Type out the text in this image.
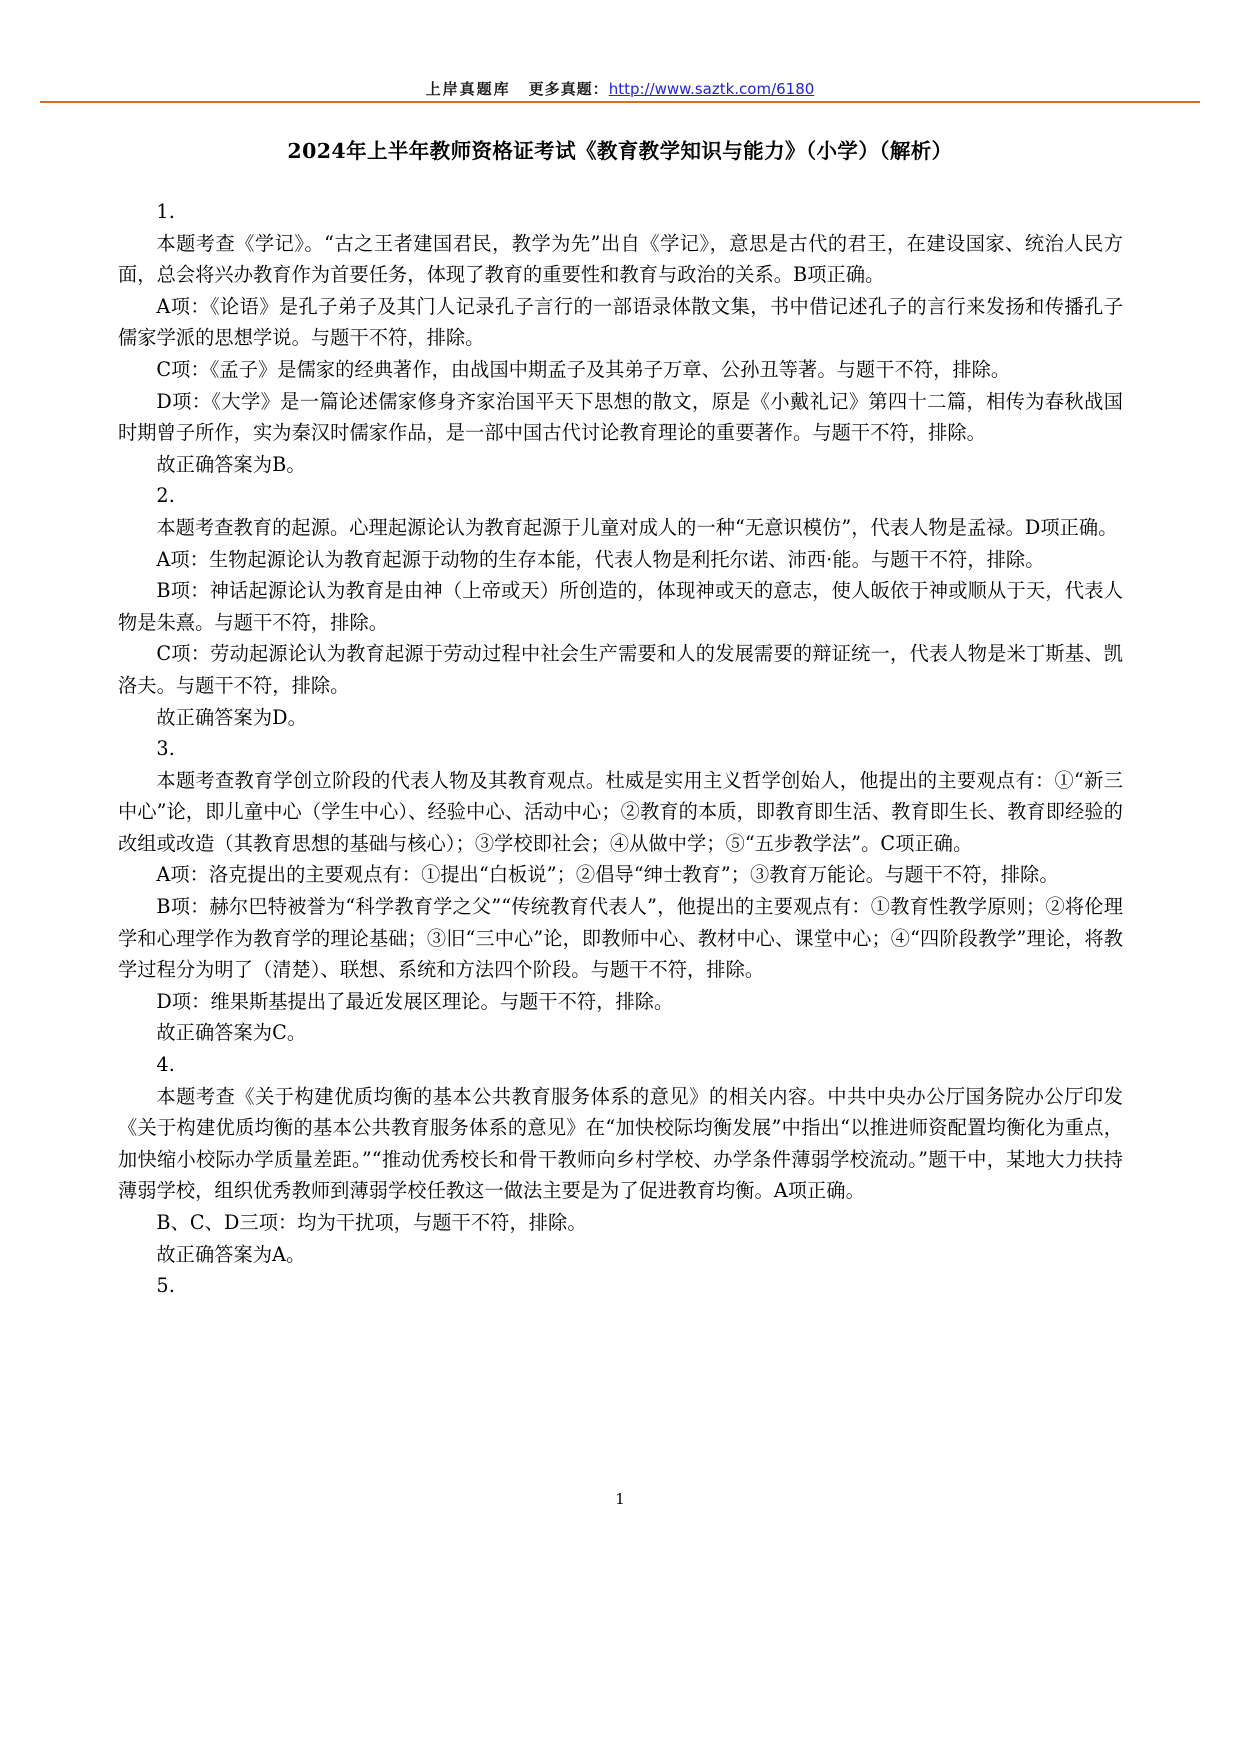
上岸真题库 更多真题：http://www.saztk.com/6180
2024年上半年教师资格证考试《教育教学知识与能力》（小学）（解析）

1.

本题考查《学记》。“古之王者建国君民，教学为先”出自《学记》，意思是古代的君王，在建设国家、统治人民方面，总会将兴办教育作为首要任务，体现了教育的重要性和教育与政治的关系。B项正确。

A项：《论语》是孔子弟子及其门人记录孔子言行的一部语录体散文集，书中借记述孔子的言行来发扬和传播孔子儒家学派的思想学说。与题干不符，排除。

C项：《孟子》是儒家的经典著作，由战国中期孟子及其弟子万章、公孙丑等著。与题干不符，排除。

D项：《大学》是一篇论述儒家修身齐家治国平天下思想的散文，原是《小戴礼记》第四十二篇，相传为春秋战国时期曾子所作，实为秦汉时儒家作品，是一部中国古代讨论教育理论的重要著作。与题干不符，排除。

故正确答案为B。

2.

本题考查教育的起源。心理起源论认为教育起源于儿童对成人的一种“无意识模仿”，代表人物是孟禄。D项正确。

A项：生物起源论认为教育起源于动物的生存本能，代表人物是利托尔诺、沛西·能。与题干不符，排除。

B项：神话起源论认为教育是由神（上帝或天）所创造的，体现神或天的意志，使人皈依于神或顺从于天，代表人物是朱熹。与题干不符，排除。

C项：劳动起源论认为教育起源于劳动过程中社会生产需要和人的发展需要的辩证统一，代表人物是米丁斯基、凯洛夫。与题干不符，排除。

故正确答案为D。

3.

本题考查教育学创立阶段的代表人物及其教育观点。杜威是实用主义哲学创始人，他提出的主要观点有：①“新三中心”论，即儿童中心（学生中心）、经验中心、活动中心；②教育的本质，即教育即生活、教育即生长、教育即经验的改组或改造（其教育思想的基础与核心）；③学校即社会；④从做中学；⑤“五步教学法”。C项正确。

A项：洛克提出的主要观点有：①提出“白板说”；②倡导“绅士教育”；③教育万能论。与题干不符，排除。

B项：赫尔巴特被誉为“科学教育学之父”“传统教育代表人”，他提出的主要观点有：①教育性教学原则；②将伦理学和心理学作为教育学的理论基础；③旧“三中心”论，即教师中心、教材中心、课堂中心；④“四阶段教学”理论，将教学过程分为明了（清楚）、联想、系统和方法四个阶段。与题干不符，排除。

D项：维果斯基提出了最近发展区理论。与题干不符，排除。

故正确答案为C。

4.

本题考查《关于构建优质均衡的基本公共教育服务体系的意见》的相关内容。中共中央办公厅国务院办公厅印发《关于构建优质均衡的基本公共教育服务体系的意见》在“加快校际均衡发展”中指出“以推进师资配置均衡化为重点，加快缩小校际办学质量差距。”“推动优秀校长和骨干教师向乡村学校、办学条件薄弱学校流动。”题干中，某地大力扶持薄弱学校，组织优秀教师到薄弱学校任教这一做法主要是为了促进教育均衡。A项正确。

B、C、D三项：均为干扰项，与题干不符，排除。

故正确答案为A。

5.

1
